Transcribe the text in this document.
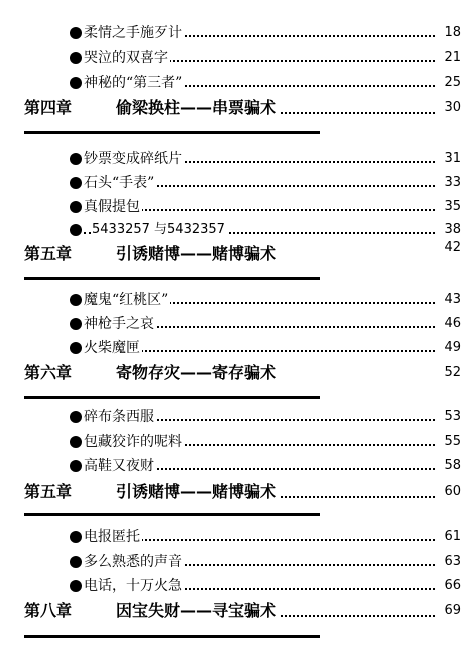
柔情之手施歹计	18
哭泣的双喜字	21
神秘的“第三者”	25
第四章	偷梁换柱——串票骗术	30
钞票变成碎纸片	31
石头“手表”	33
真假提包	35
5433257 与5432357	38
第五章	引诱赌博——赌博骗术	42
魔鬼“红桃区”	43
神枪手之哀	46
火柴魔匣	49
第六章	寄物存灾——寄存骗术	52
碎布条西服	53
包藏狡诈的呢料	55
高鞋又夜财	58
第五章	引诱赌博——赌博骗术	60
电报匿托	61
多么熟悉的声音	63
电话，十万火急	66
第八章	因宝失财——寻宝骗术	69
